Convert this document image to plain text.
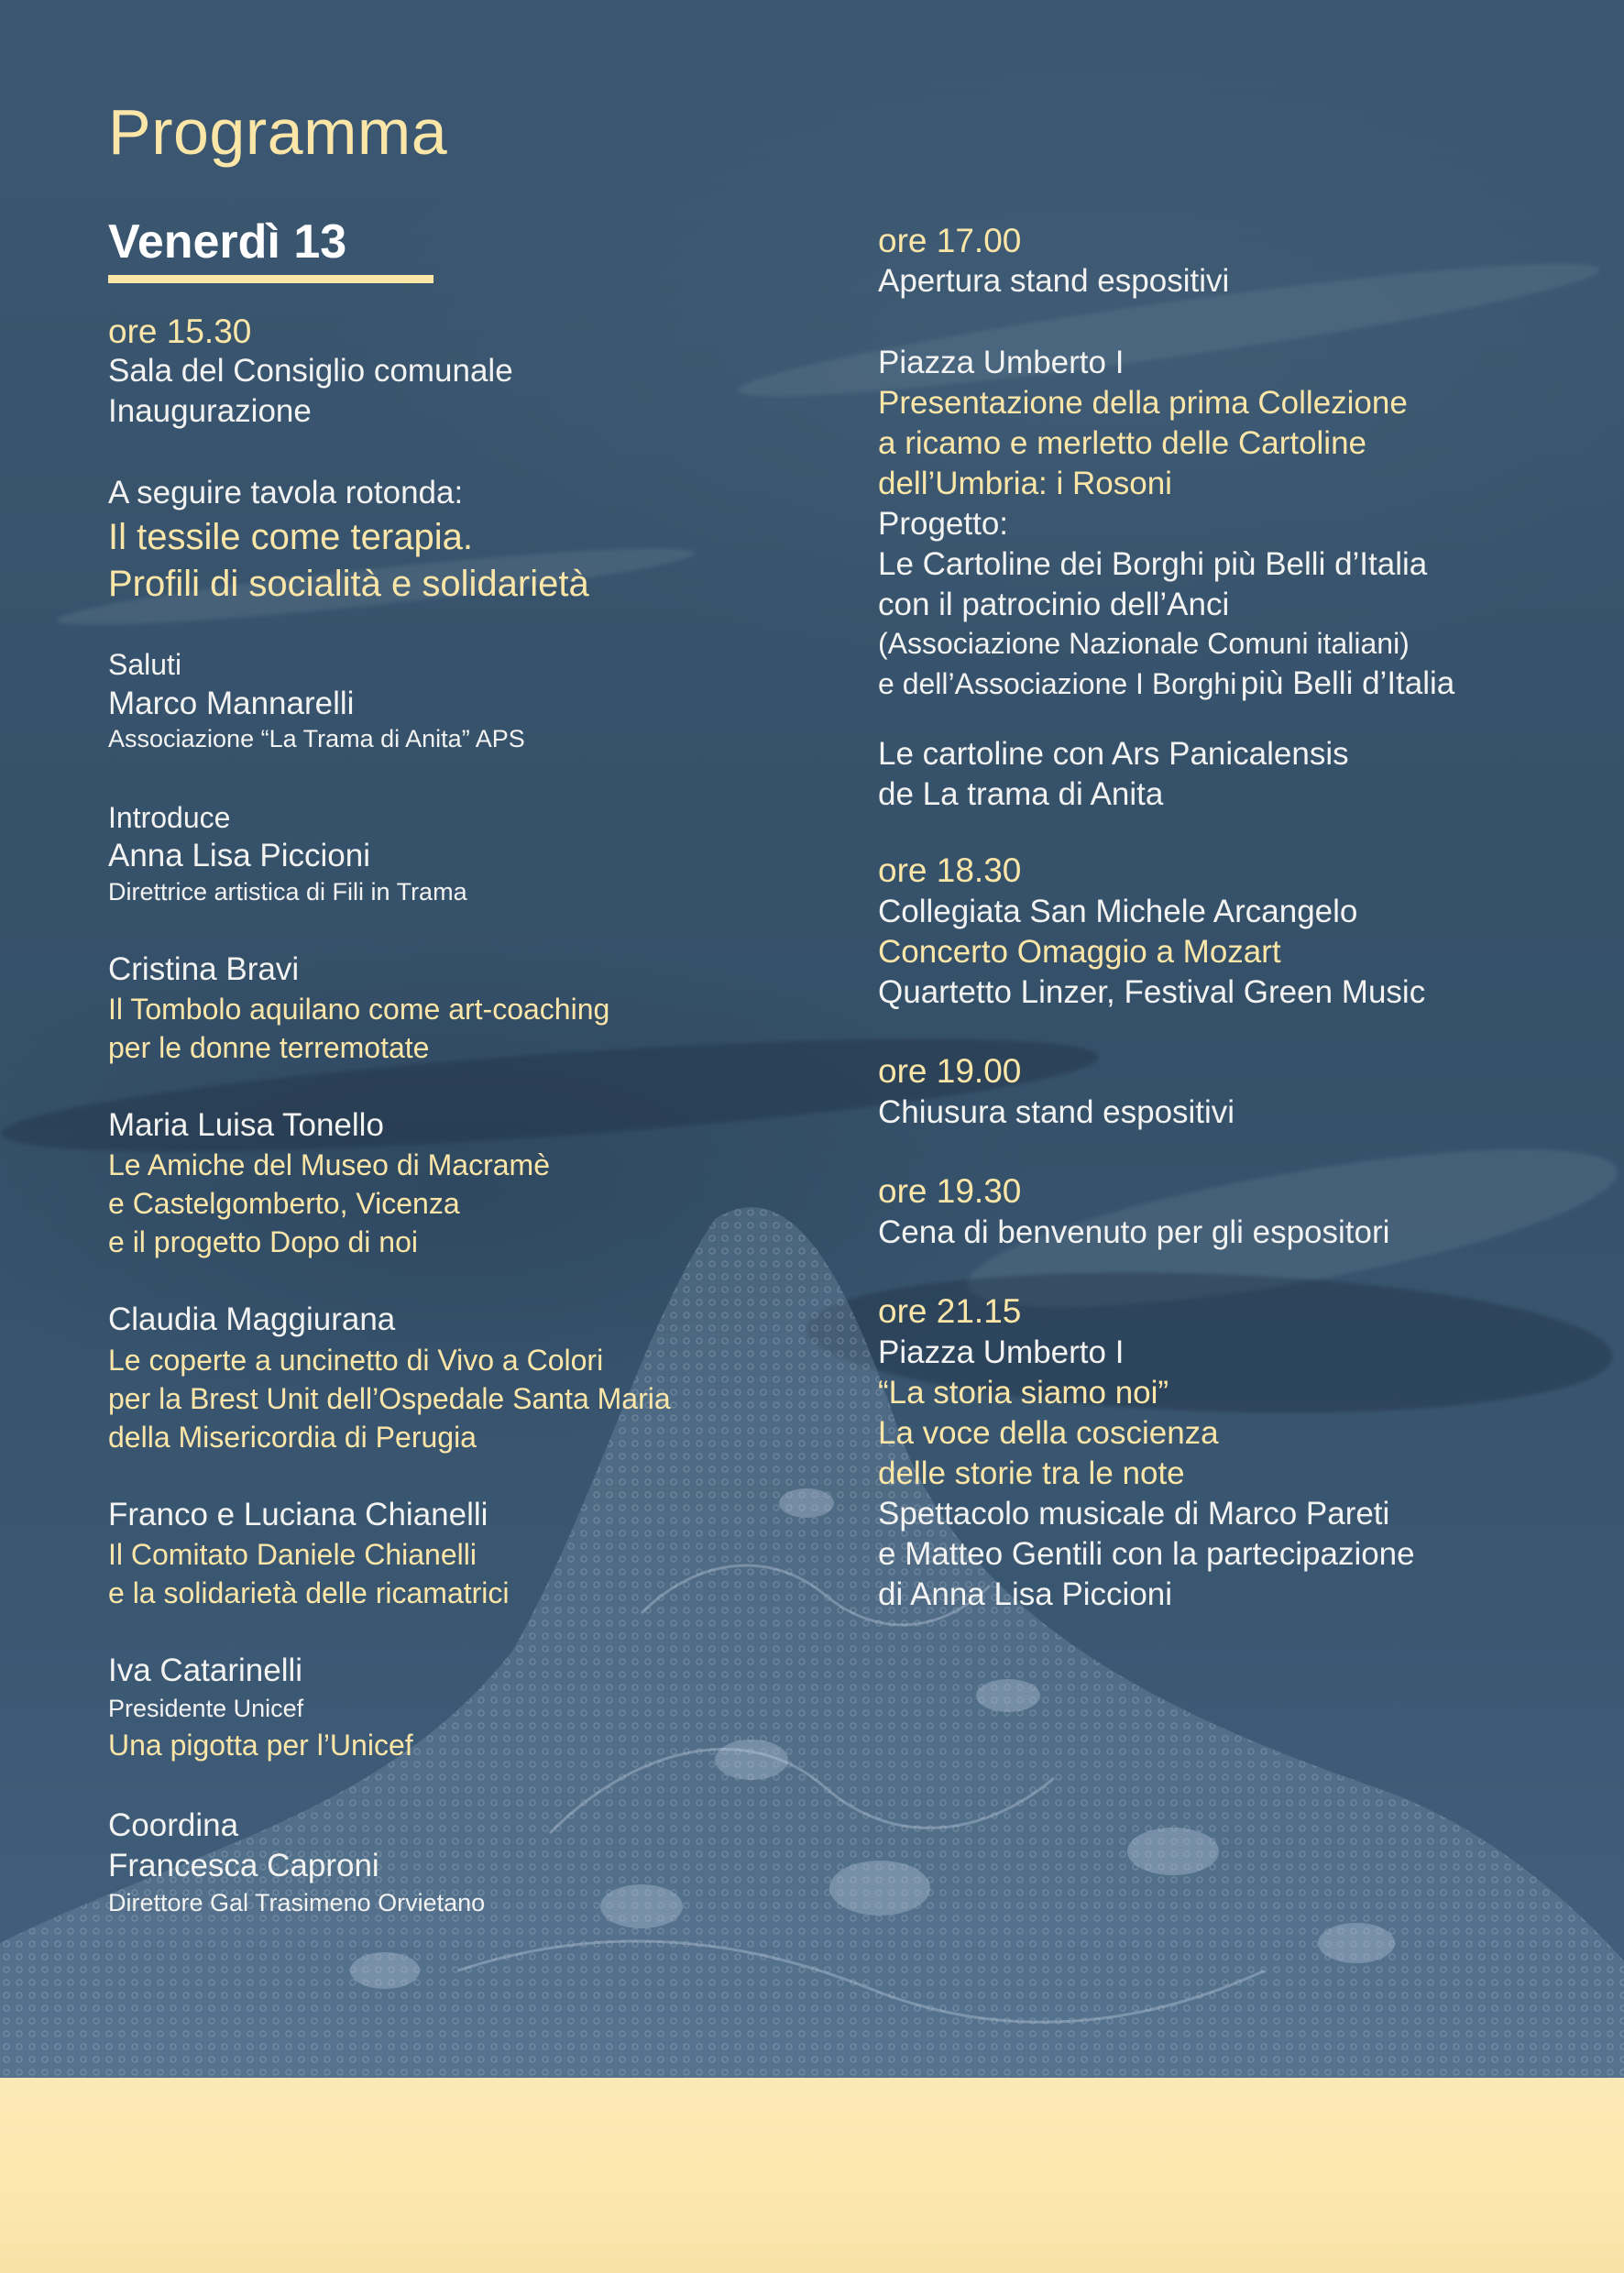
Programma
Venerdì 13
ore 15.30
Sala del Consiglio comunale
Inaugurazione
A seguire tavola rotonda:
Il tessile come terapia.
Profili di socialità e solidarietà
Saluti
Marco Mannarelli
Associazione “La Trama di Anita” APS
Introduce
Anna Lisa Piccioni
Direttrice artistica di Fili in Trama
Cristina Bravi
Il Tombolo aquilano come art-coaching
per le donne terremotate
Maria Luisa Tonello
Le Amiche del Museo di Macramè
e Castelgomberto, Vicenza
e il progetto Dopo di noi
Claudia Maggiurana
Le coperte a uncinetto di Vivo a Colori
per la Brest Unit dell’Ospedale Santa Maria
della Misericordia di Perugia
Franco e Luciana Chianelli
Il Comitato Daniele Chianelli
e la solidarietà delle ricamatrici
Iva Catarinelli
Presidente Unicef
Una pigotta per l’Unicef
Coordina
Francesca Caproni
Direttore Gal Trasimeno Orvietano
ore 17.00
Apertura stand espositivi
Piazza Umberto I
Presentazione della prima Collezione
a ricamo e merletto delle Cartoline
dell’Umbria: i Rosoni
Progetto:
Le Cartoline dei Borghi più Belli d’Italia
con il patrocinio dell’Anci
(Associazione Nazionale Comuni italiani)
e dell’Associazione I Borghi più Belli d’Italia
Le cartoline con Ars Panicalensis
de La trama di Anita
ore 18.30
Collegiata San Michele Arcangelo
Concerto Omaggio a Mozart
Quartetto Linzer, Festival Green Music
ore 19.00
Chiusura stand espositivi
ore 19.30
Cena di benvenuto per gli espositori
ore 21.15
Piazza Umberto I
“La storia siamo noi”
La voce della coscienza
delle storie tra le note
Spettacolo musicale di Marco Pareti
e Matteo Gentili con la partecipazione
di Anna Lisa Piccioni
